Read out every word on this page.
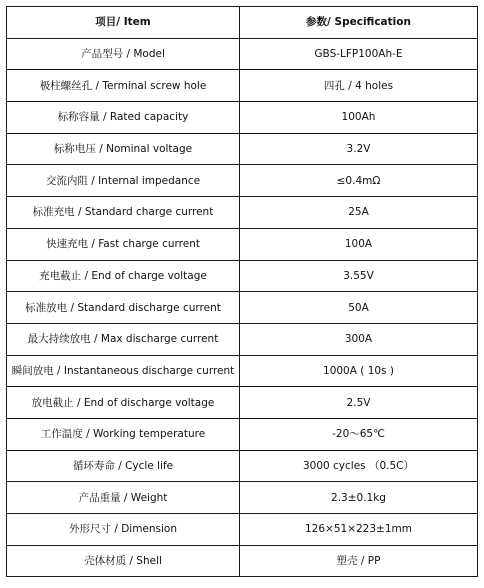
项目/ Item	参数/ Specification
产品型号 / Model	GBS-LFP100Ah-E
极柱螺丝孔 / Terminal screw hole	四孔 / 4 holes
标称容量 / Rated capacity	100Ah
标称电压 / Nominal voltage	3.2V
交流内阻 / Internal impedance	≤0.4mΩ
标准充电 / Standard charge current	25A
快速充电 / Fast charge current	100A
充电截止 / End of charge voltage	3.55V
标准放电 / Standard discharge current	50A
最大持续放电 / Max discharge current	300A
瞬间放电 / Instantaneous discharge current	1000A ( 10s )
放电截止 / End of discharge voltage	2.5V
工作温度 / Working temperature	-20～65℃
循环寿命 / Cycle life	3000 cycles （0.5C）
产品重量 / Weight	2.3±0.1kg
外形尺寸 / Dimension	126×51×223±1mm
壳体材质 / Shell	塑壳 / PP
